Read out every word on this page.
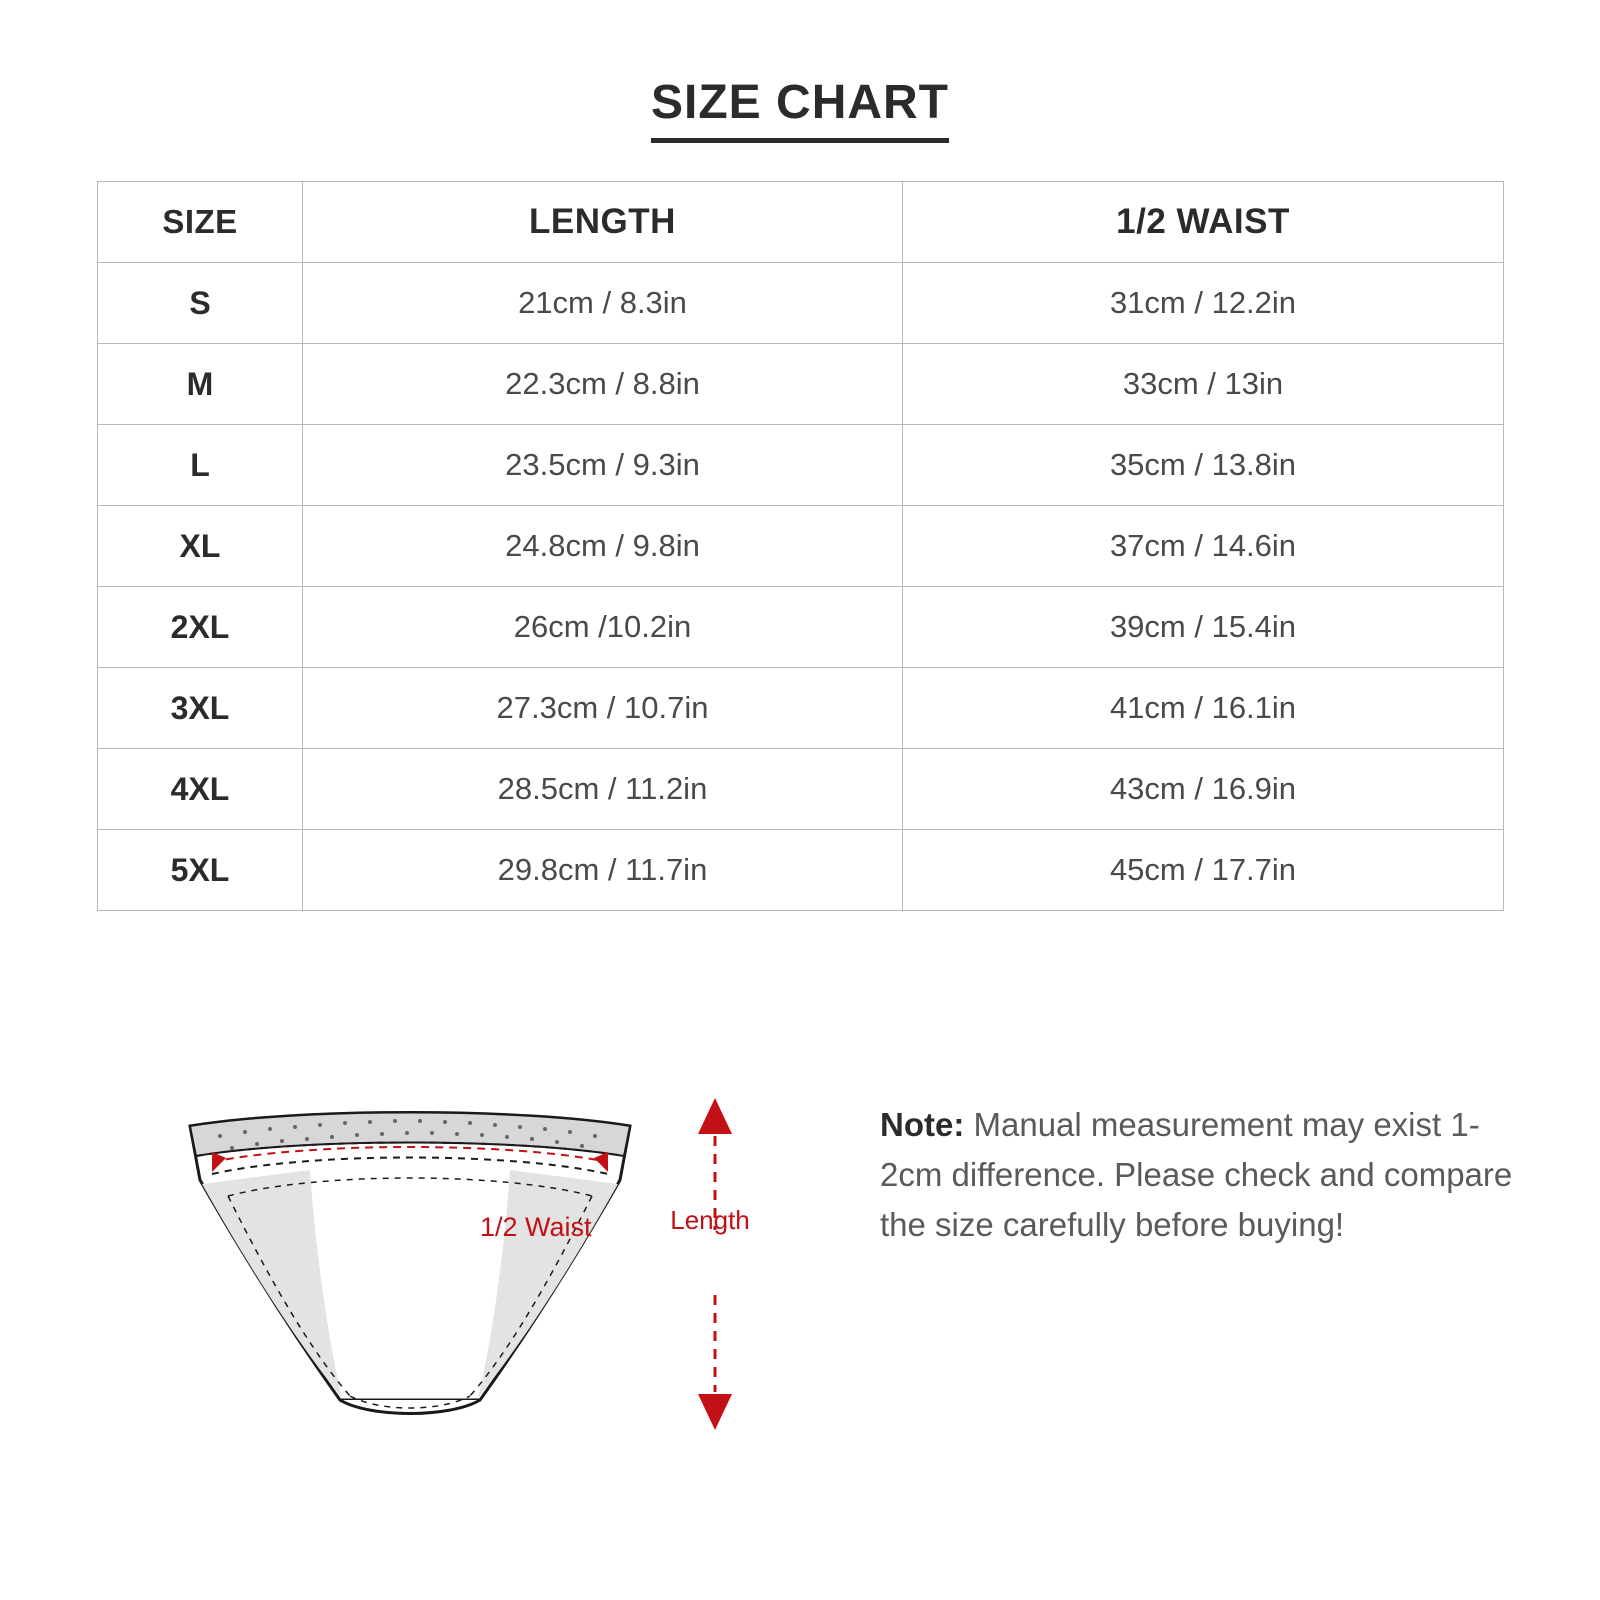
SIZE CHART
SIZE	LENGTH	1/2 WAIST
S	21cm / 8.3in	31cm / 12.2in
M	22.3cm / 8.8in	33cm / 13in
L	23.5cm / 9.3in	35cm / 13.8in
XL	24.8cm / 9.8in	37cm / 14.6in
2XL	26cm /10.2in	39cm / 15.4in
3XL	27.3cm / 10.7in	41cm / 16.1in
4XL	28.5cm / 11.2in	43cm / 16.9in
5XL	29.8cm / 11.7in	45cm / 17.7in
1/2 Waist	Length
Note: Manual measurement may exist 1-2cm difference. Please check and compare the size carefully before buying!
